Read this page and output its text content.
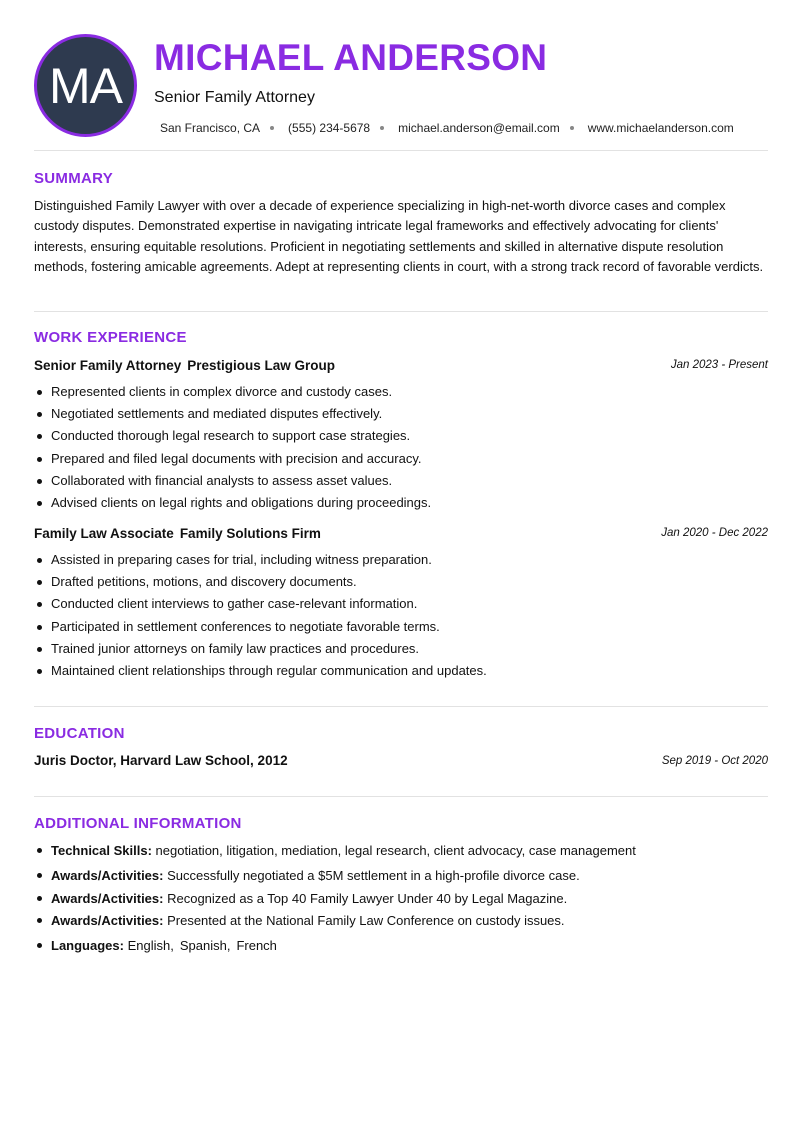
MA MICHAEL ANDERSON
Senior Family Attorney
San Francisco, CA (555) 234-5678 michael.anderson@email.com www.michaelanderson.com
SUMMARY
Distinguished Family Lawyer with over a decade of experience specializing in high-net-worth divorce cases and complex custody disputes. Demonstrated expertise in navigating intricate legal frameworks and effectively advocating for clients' interests, ensuring equitable resolutions. Proficient in negotiating settlements and skilled in alternative dispute resolution methods, fostering amicable agreements. Adept at representing clients in court, with a strong track record of favorable verdicts.
WORK EXPERIENCE
Senior Family Attorney Prestigious Law Group	Jan 2023 - Present
Represented clients in complex divorce and custody cases.
Negotiated settlements and mediated disputes effectively.
Conducted thorough legal research to support case strategies.
Prepared and filed legal documents with precision and accuracy.
Collaborated with financial analysts to assess asset values.
Advised clients on legal rights and obligations during proceedings.
Family Law Associate Family Solutions Firm	Jan 2020 - Dec 2022
Assisted in preparing cases for trial, including witness preparation.
Drafted petitions, motions, and discovery documents.
Conducted client interviews to gather case-relevant information.
Participated in settlement conferences to negotiate favorable terms.
Trained junior attorneys on family law practices and procedures.
Maintained client relationships through regular communication and updates.
EDUCATION
Juris Doctor, Harvard Law School, 2012	Sep 2019 - Oct 2020
ADDITIONAL INFORMATION
Technical Skills: negotiation, litigation, mediation, legal research, client advocacy, case management
Awards/Activities: Successfully negotiated a $5M settlement in a high-profile divorce case.
Awards/Activities: Recognized as a Top 40 Family Lawyer Under 40 by Legal Magazine.
Awards/Activities: Presented at the National Family Law Conference on custody issues.
Languages: English, Spanish, French
